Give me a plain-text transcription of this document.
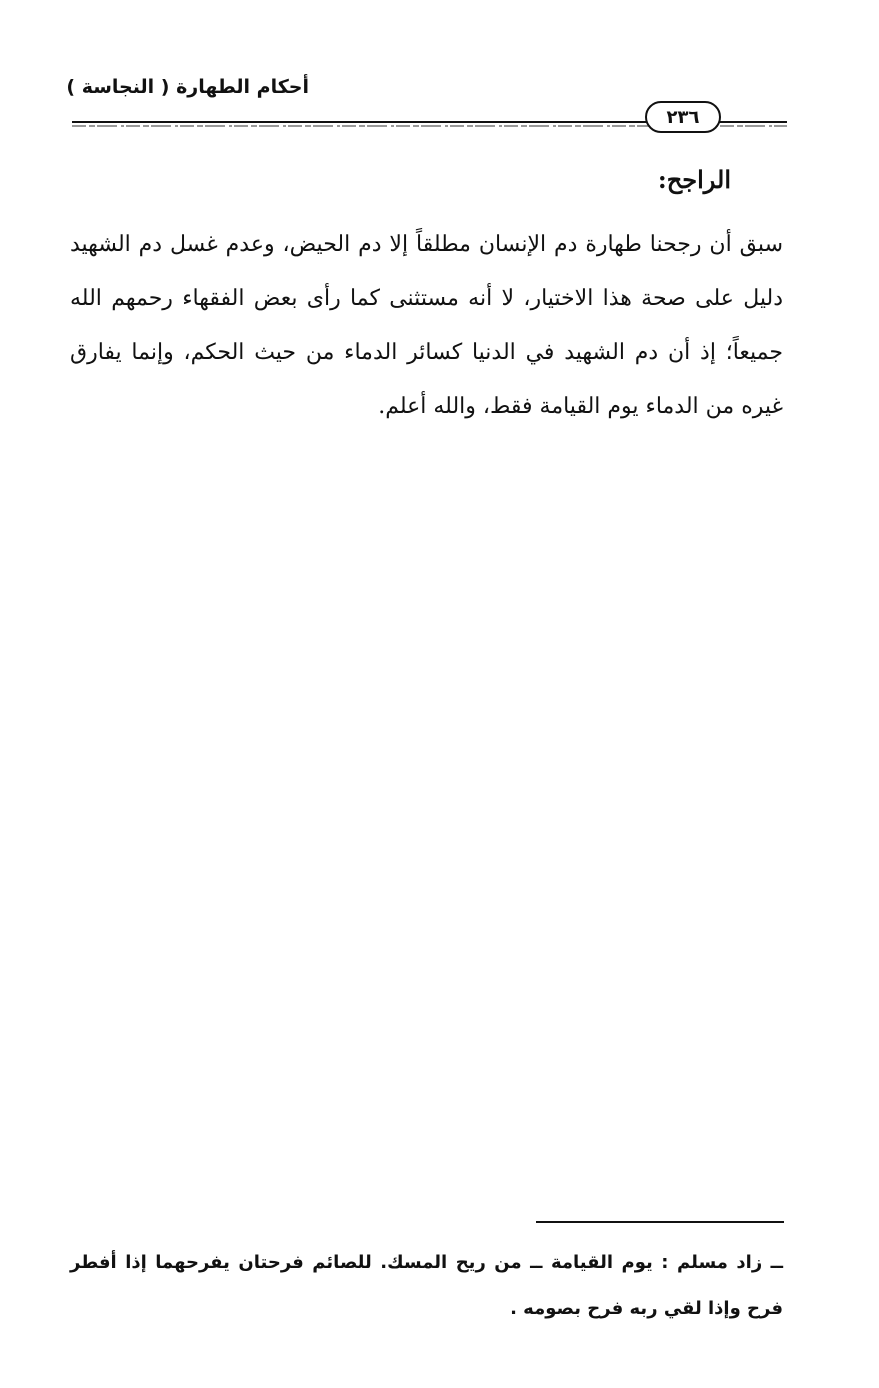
أحكام الطهارة ( النجاسة )
٢٣٦
الراجح:
سبق أن رجحنا طهارة دم الإنسان مطلقاً إلا دم الحيض، وعدم غسل دم الشهيد دليل على صحة هذا الاختيار، لا أنه مستثنى كما رأى بعض الفقهاء رحمهم الله جميعاً؛ إذ أن دم الشهيد في الدنيا كسائر الدماء من حيث الحكم، وإنما يفارق غيره من الدماء يوم القيامة فقط، والله أعلم.
ــ زاد مسلم : يوم القيامة ــ من ريح المسك. للصائم فرحتان يفرحهما إذا أفطر فرح وإذا لقي ربه فرح بصومه .
